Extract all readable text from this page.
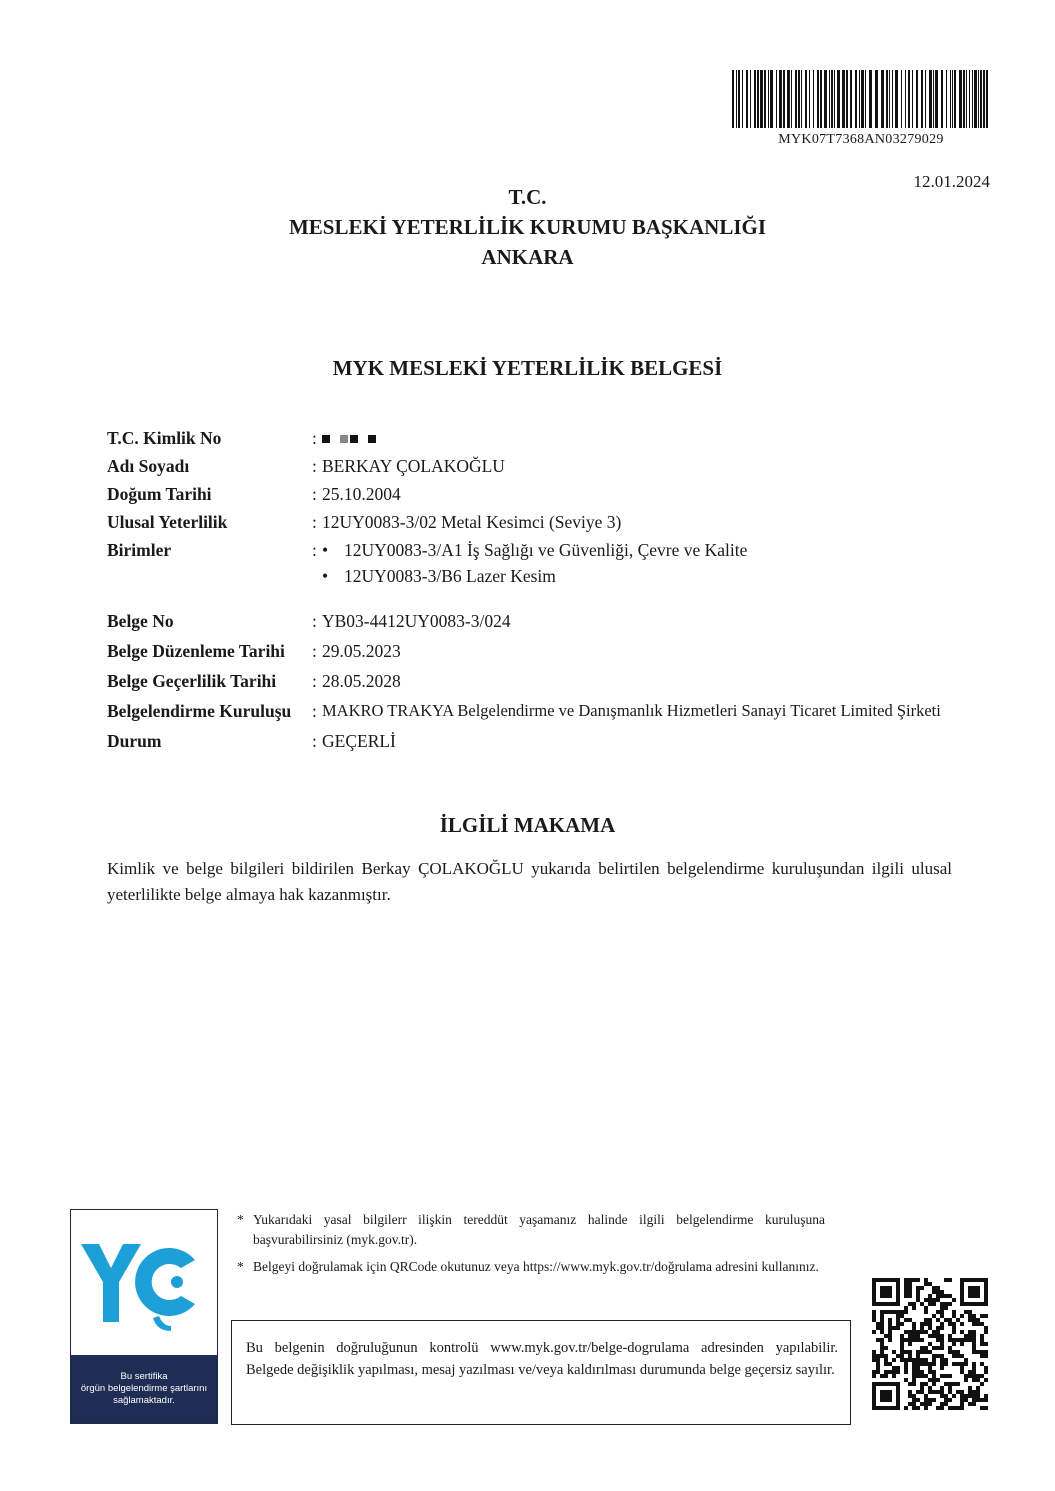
MYK07T7368AN03279029
12.01.2024
T.C.
MESLEKİ YETERLİLİK KURUMU BAŞKANLIĞI
ANKARA
MYK MESLEKİ YETERLİLİK BELGESİ
T.C. Kimlik No	:
Adı Soyadı	: BERKAY ÇOLAKOĞLU
Doğum Tarihi	: 25.10.2004
Ulusal Yeterlilik	: 12UY0083-3/02 Metal Kesimci (Seviye 3)
Birimler	: • 12UY0083-3/A1 İş Sağlığı ve Güvenliği, Çevre ve Kalite
• 12UY0083-3/B6 Lazer Kesim
Belge No	: YB03-4412UY0083-3/024
Belge Düzenleme Tarihi	: 29.05.2023
Belge Geçerlilik Tarihi	: 28.05.2028
Belgelendirme Kuruluşu	: MAKRO TRAKYA Belgelendirme ve Danışmanlık Hizmetleri Sanayi Ticaret Limited Şirketi
Durum	: GEÇERLİ
İLGİLİ MAKAMA
Kimlik ve belge bilgileri bildirilen Berkay ÇOLAKOĞLU yukarıda belirtilen belgelendirme kuruluşundan ilgili ulusal yeterlilikte belge almaya hak kazanmıştır.
Bu sertifika
örgün belgelendirme şartlarını
sağlamaktadır.
* Yukarıdaki yasal bilgilerr ilişkin tereddüt yaşamanız halinde ilgili belgelendirme kuruluşuna başvurabilirsiniz (myk.gov.tr).
* Belgeyi doğrulamak için QRCode okutunuz veya https://www.myk.gov.tr/doğrulama adresini kullanınız.
Bu belgenin doğruluğunun kontrolü www.myk.gov.tr/belge-dogrulama adresinden yapılabilir. Belgede değişiklik yapılması, mesaj yazılması ve/veya kaldırılması durumunda belge geçersiz sayılır.
